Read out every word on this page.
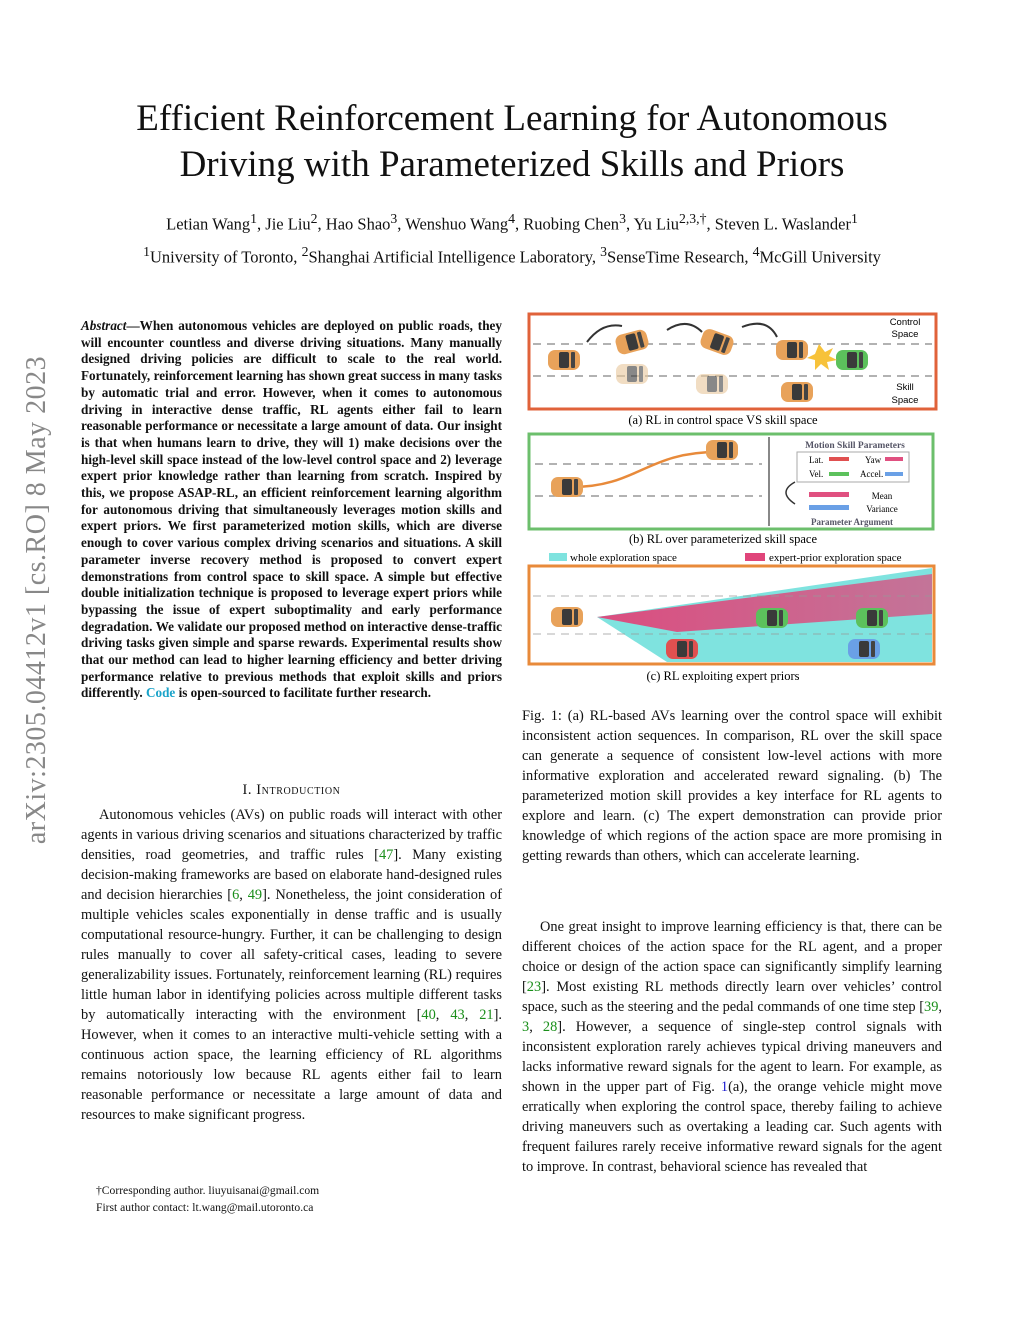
Efficient Reinforcement Learning for Autonomous
Driving with Parameterized Skills and Priors
Letian Wang$^1$, Jie Liu$^2$, Hao Shao$^3$, Wenshuo Wang$^4$, Ruobing Chen$^3$, Yu Liu$^{2,3,\dagger}$, Steven L. Waslander$^1$
$^1$University of Toronto, $^2$Shanghai Artificial Intelligence Laboratory, $^3$SenseTime Research, $^4$McGill University
arXiv:2305.04412v1 [cs.RO] 8 May 2023
Abstract—When autonomous vehicles are deployed on public roads, they will encounter countless and diverse driving situations. Many manually designed driving policies are difficult to scale to the real world. Fortunately, reinforcement learning has shown great success in many tasks by automatic trial and error. However, when it comes to autonomous driving in interactive dense traffic, RL agents either fail to learn reasonable performance or necessitate a large amount of data. Our insight is that when humans learn to drive, they will 1) make decisions over the high-level skill space instead of the low-level control space and 2) leverage expert prior knowledge rather than learning from scratch. Inspired by this, we propose ASAP-RL, an efficient reinforcement learning algorithm for autonomous driving that simultaneously leverages motion skills and expert priors. We first parameterized motion skills, which are diverse enough to cover various complex driving scenarios and situations. A skill parameter inverse recovery method is proposed to convert expert demonstrations from control space to skill space. A simple but effective double initialization technique is proposed to leverage expert priors while bypassing the issue of expert suboptimality and early performance degradation. We validate our proposed method on interactive dense-traffic driving tasks given simple and sparse rewards. Experimental results show that our method can lead to higher learning efficiency and better driving performance relative to previous methods that exploit skills and priors differently. Code is open-sourced to facilitate further research.
I. Introduction

Autonomous vehicles (AVs) on public roads will interact with other agents in various driving scenarios and situations characterized by traffic densities, road geometries, and traffic rules [47]. Many existing decision-making frameworks are based on elaborate hand-designed rules and decision hierarchies [6, 49]. Nonetheless, the joint consideration of multiple vehicles scales exponentially in dense traffic and is usually computational resource-hungry. Further, it can be challenging to design rules manually to cover all safety-critical cases, leading to severe generalizability issues. Fortunately, reinforcement learning (RL) requires little human labor in identifying policies across multiple different tasks by automatically interacting with the environment [40, 43, 21]. However, when it comes to an interactive multi-vehicle setting with a continuous action space, the learning efficiency of RL algorithms remains notoriously low because RL agents either fail to learn reasonable performance or necessitate a large amount of data and resources to make significant progress.

†Corresponding author. liuyuisanai@gmail.com
First author contact: lt.wang@mail.utoronto.ca
Control
Space
Skill
Space
(a) RL in control space VS skill space
Motion Skill Parameters
Lat.	Yaw
Vel.	Accel.
Mean
Variance
Parameter Argument
(b) RL over parameterized skill space
whole exploration space	expert-prior exploration space
(c) RL exploiting expert priors
Fig. 1: (a) RL-based AVs learning over the control space will exhibit inconsistent action sequences. In comparison, RL over the skill space can generate a sequence of consistent low-level actions with more informative exploration and accelerated reward signaling. (b) The parameterized motion skill provides a key interface for RL agents to explore and learn. (c) The expert demonstration can provide prior knowledge of which regions of the action space are more promising in getting rewards than others, which can accelerate learning.

One great insight to improve learning efficiency is that, there can be different choices of the action space for the RL agent, and a proper choice or design of the action space can significantly simplify learning [23]. Most existing RL methods directly learn over vehicles’ control space, such as the steering and the pedal commands of one time step [39, 3, 28]. However, a sequence of single-step control signals with inconsistent exploration rarely achieves typical driving maneuvers and lacks informative reward signals for the agent to learn. For example, as shown in the upper part of Fig. 1(a), the orange vehicle might move erratically when exploring the control space, thereby failing to achieve driving maneuvers such as overtaking a leading car. Such agents with frequent failures rarely receive informative reward signals for the agent to improve. In contrast, behavioral science has revealed that
